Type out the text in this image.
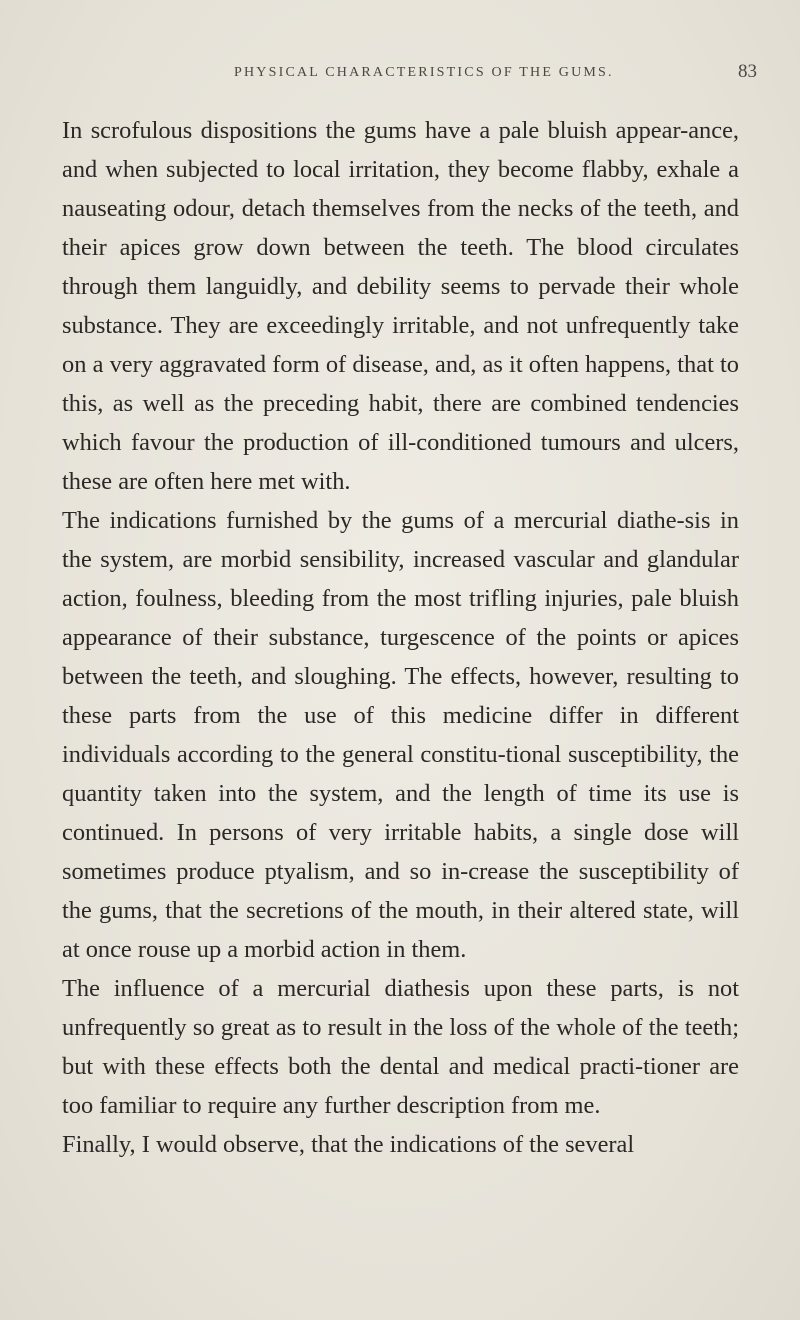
PHYSICAL CHARACTERISTICS OF THE GUMS.	83

In scrofulous dispositions the gums have a pale bluish appear-ance, and when subjected to local irritation, they become flabby, exhale a nauseating odour, detach themselves from the necks of the teeth, and their apices grow down between the teeth. The blood circulates through them languidly, and debility seems to pervade their whole substance. They are exceedingly irritable, and not unfrequently take on a very aggravated form of disease, and, as it often happens, that to this, as well as the preceding habit, there are combined tendencies which favour the production of ill-conditioned tumours and ulcers, these are often here met with.

The indications furnished by the gums of a mercurial diathe-sis in the system, are morbid sensibility, increased vascular and glandular action, foulness, bleeding from the most trifling injuries, pale bluish appearance of their substance, turgescence of the points or apices between the teeth, and sloughing. The effects, however, resulting to these parts from the use of this medicine differ in different individuals according to the general constitu-tional susceptibility, the quantity taken into the system, and the length of time its use is continued. In persons of very irritable habits, a single dose will sometimes produce ptyalism, and so in-crease the susceptibility of the gums, that the secretions of the mouth, in their altered state, will at once rouse up a morbid action in them.

The influence of a mercurial diathesis upon these parts, is not unfrequently so great as to result in the loss of the whole of the teeth; but with these effects both the dental and medical practi-tioner are too familiar to require any further description from me.

Finally, I would observe, that the indications of the several
